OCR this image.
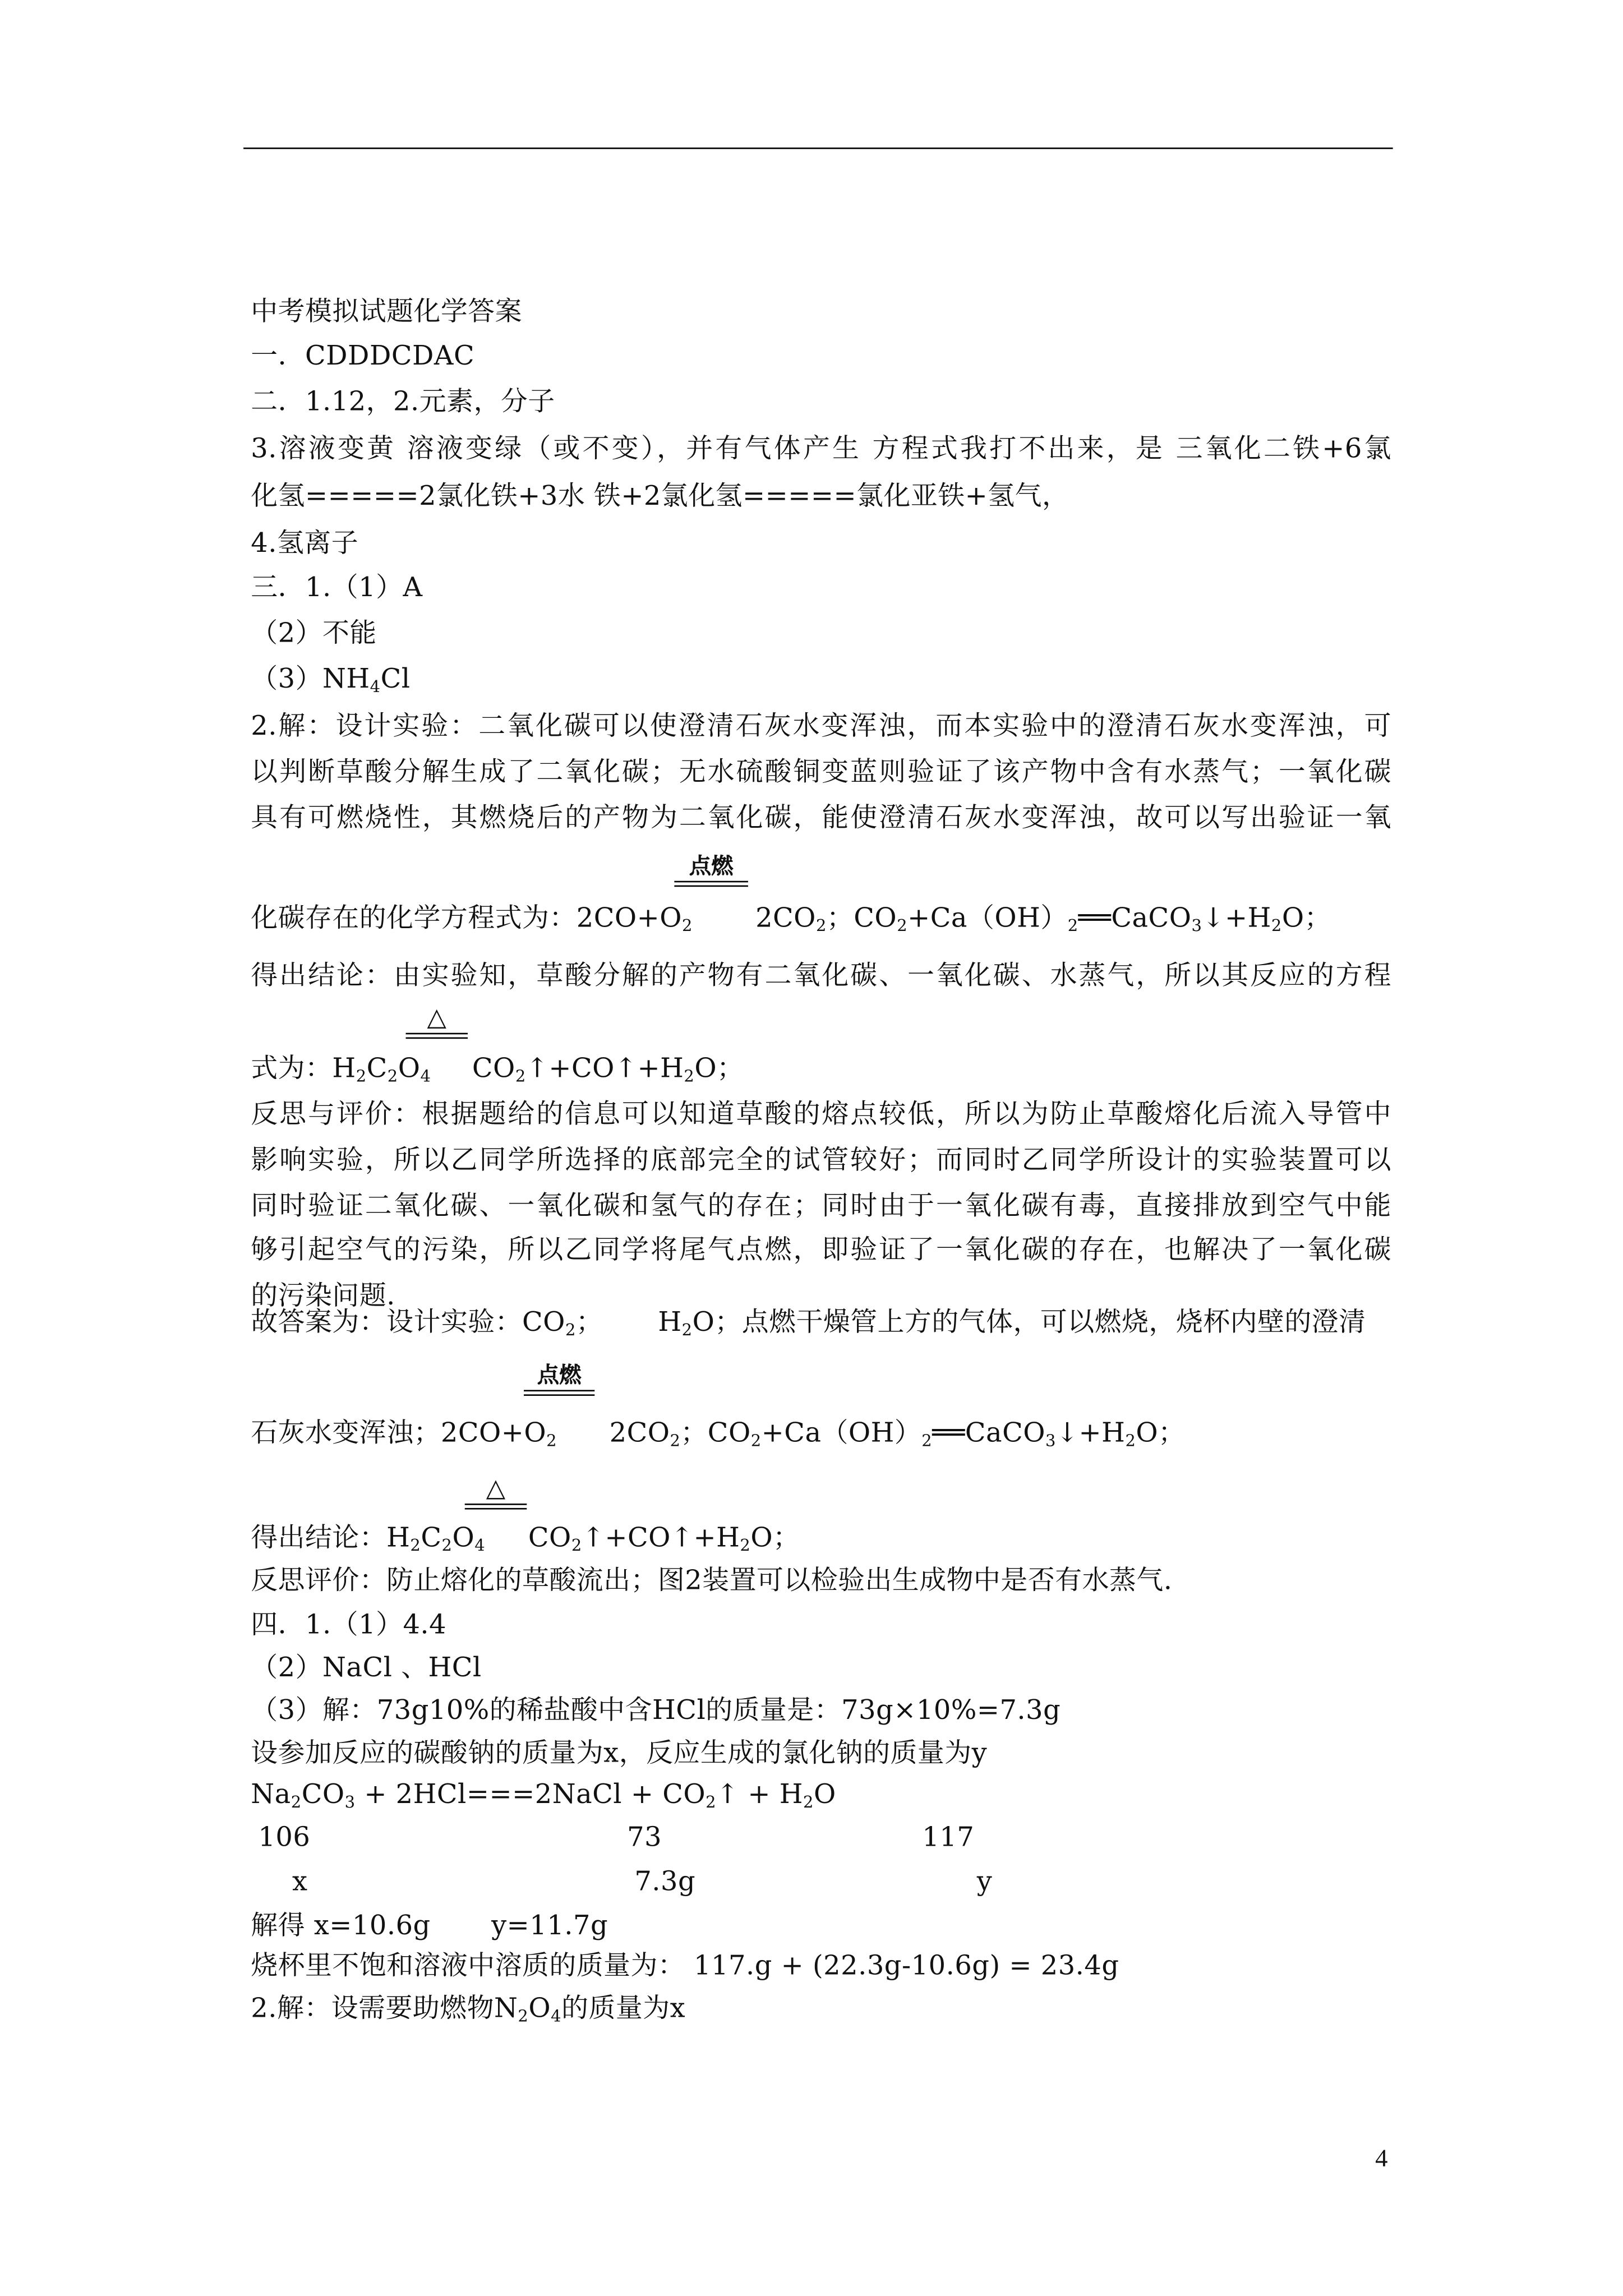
中考模拟试题化学答案
一．CDDDCDAC
二．1.12，2.元素，分子
3.溶液变黄 溶液变绿（或不变），并有气体产生 方程式我打不出来，是 三氧化二铁+6氯
化氢=====2氯化铁+3水 铁+2氯化氢=====氯化亚铁+氢气，
4.氢离子
三．1.（1）A
（2）不能
$(3)NH_4Cl$
2.解：设计实验：二氧化碳可以使澄清石灰水变浑浊，而本实验中的澄清石灰水变浑浊，可
以判断草酸分解生成了二氧化碳；无水硫酸铜变蓝则验证了该产物中含有水蒸气；一氧化碳
具有可燃烧性，其燃烧后的产物为二氧化碳，能使澄清石灰水变浑浊，故可以写出验证一氧
化碳存在的化学方程式为：$2CO+O_2$	$2CO_2$；$CO_2+Ca(OH)_2══CaCO_3↓+H_2O$；
得出结论：由实验知，草酸分解的产物有二氧化碳、一氧化碳、水蒸气，所以其反应的方程
式为：$H_2C_2O_4$	$CO_2↑+CO↑+H_2O$；
反思与评价：根据题给的信息可以知道草酸的熔点较低，所以为防止草酸熔化后流入导管中
影响实验，所以乙同学所选择的底部完全的试管较好；而同时乙同学所设计的实验装置可以
同时验证二氧化碳、一氧化碳和氢气的存在；同时由于一氧化碳有毒，直接排放到空气中能
够引起空气的污染，所以乙同学将尾气点燃，即验证了一氧化碳的存在，也解决了一氧化碳
的污染问题.
故答案为：设计实验：$CO_2$；	$H_2O$；点燃干燥管上方的气体，可以燃烧，烧杯内壁的澄清
石灰水变浑浊；$2CO+O_2$	$2CO_2$；$CO_2+Ca(OH)_2══CaCO_3↓+H_2O$；
得出结论：$H_2C_2O_4$	$CO_2↑+CO↑+H_2O$；
反思评价：防止熔化的草酸流出；图2装置可以检验出生成物中是否有水蒸气.
四．1.（1）4.4
（2）NaCl 、HCl
（3）解：73g10%的稀盐酸中含HCl的质量是：73g×10%=7.3g
设参加反应的碳酸钠的质量为x，反应生成的氯化钠的质量为y
$Na_2CO_3$ + 2HCl===2NaCl + $CO_2↑ + H_2O$
106	73	117
x	7.3g	y
解得 x=10.6g	y=11.7g
烧杯里不饱和溶液中溶质的质量为： 117.g + (22.3g-10.6g) = 23.4g
2.解：设需要助燃物$N_2O_4$的质量为x
点燃
△
点燃
△
4
